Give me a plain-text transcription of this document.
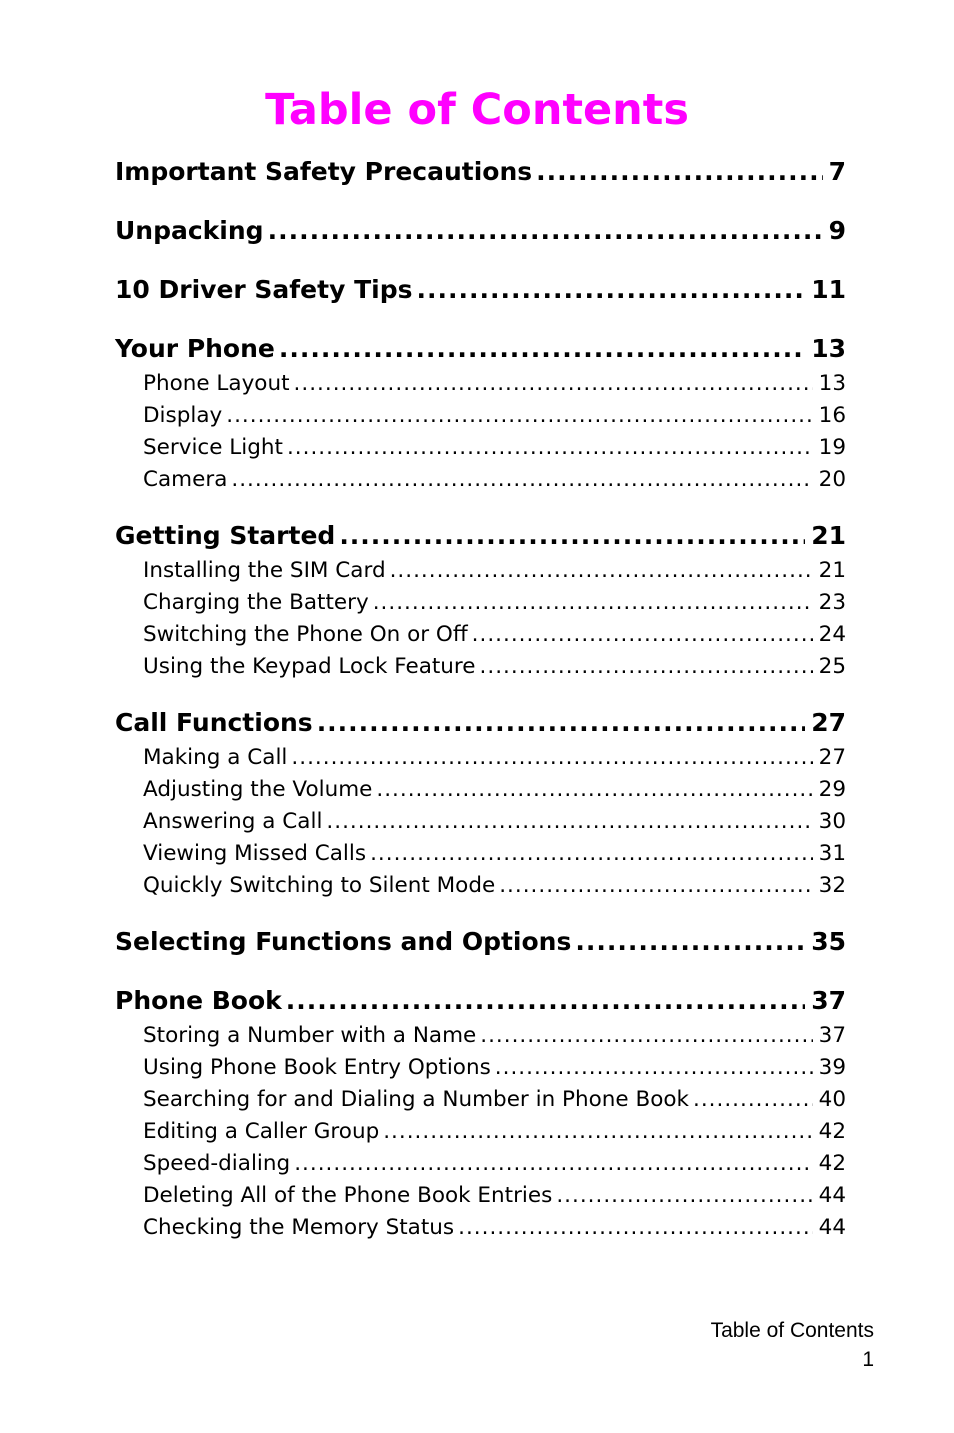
Table of Contents
Important Safety Precautions .....	7
Unpacking .....	9
10 Driver Safety Tips .....	11
Your Phone .....	13
Phone Layout .....	13
Display .....	16
Service Light .....	19
Camera .....	20
Getting Started .....	21
Installing the SIM Card .....	21
Charging the Battery .....	23
Switching the Phone On or Off .....	24
Using the Keypad Lock Feature .....	25
Call Functions .....	27
Making a Call .....	27
Adjusting the Volume .....	29
Answering a Call .....	30
Viewing Missed Calls .....	31
Quickly Switching to Silent Mode .....	32
Selecting Functions and Options .....	35
Phone Book .....	37
Storing a Number with a Name .....	37
Using Phone Book Entry Options .....	39
Searching for and Dialing a Number in Phone Book .....	40
Editing a Caller Group .....	42
Speed-dialing .....	42
Deleting All of the Phone Book Entries .....	44
Checking the Memory Status .....	44
Table of Contents
1
